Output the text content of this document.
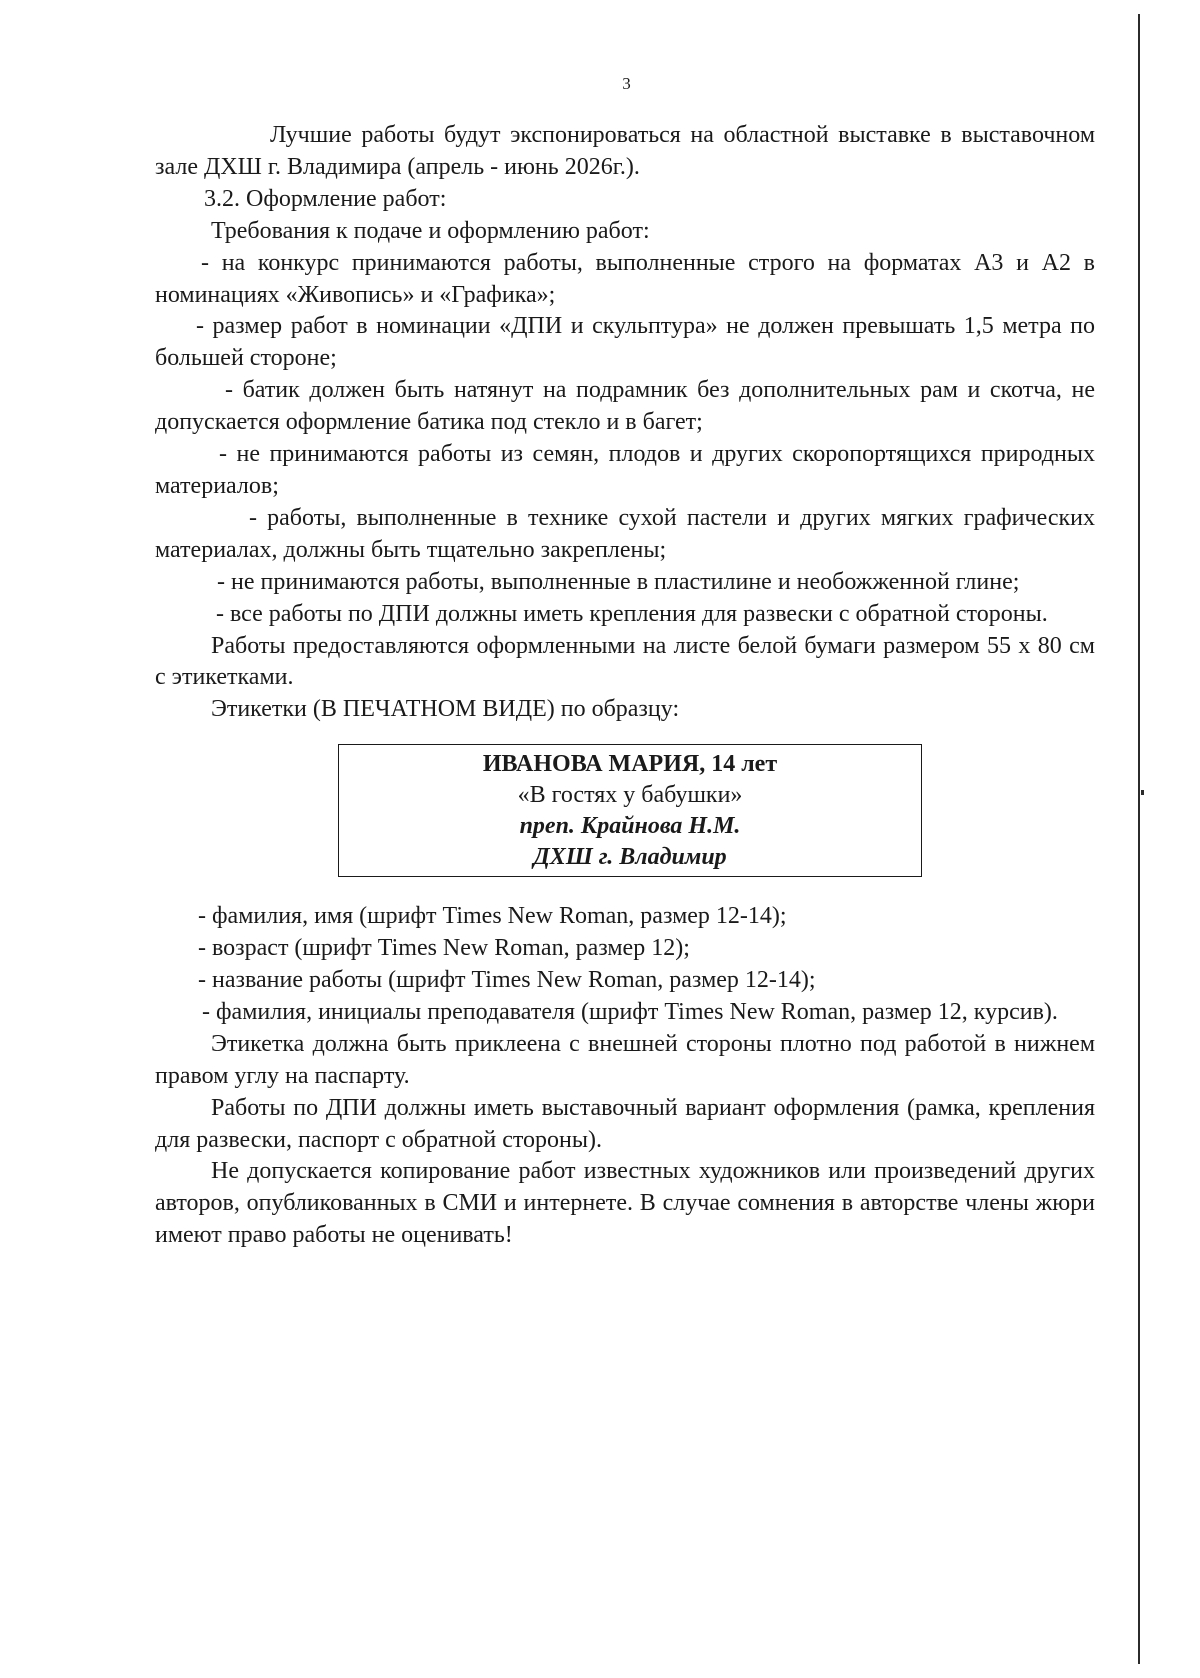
3

Лучшие работы будут экспонироваться на областной выставке в выставочном зале ДХШ г. Владимира (апрель - июнь 2026г.).

3.2. Оформление работ:

Требования к подаче и оформлению работ:

- на конкурс принимаются работы, выполненные строго на форматах А3 и А2 в номинациях «Живопись» и «Графика»;

- размер работ в номинации «ДПИ и скульптура» не должен превышать 1,5 метра по большей стороне;

- батик должен быть натянут на подрамник без дополнительных рам и скотча, не допускается оформление батика под стекло и в багет;

- не принимаются работы из семян, плодов и других скоропортящихся природных материалов;

- работы, выполненные в технике сухой пастели и других мягких графических материалах, должны быть тщательно закреплены;

- не принимаются работы, выполненные в пластилине и необожженной глине;

- все работы по ДПИ должны иметь крепления для развески с обратной стороны.

Работы предоставляются оформленными на листе белой бумаги размером 55 х 80 см с этикетками.

Этикетки (В ПЕЧАТНОМ ВИДЕ) по образцу:

ИВАНОВА МАРИЯ, 14 лет
«В гостях у бабушки»
преп. Крайнова Н.М.
ДХШ г. Владимир

- фамилия, имя (шрифт Times New Roman, размер 12-14);

- возраст (шрифт Times New Roman, размер 12);

- название работы (шрифт Times New Roman, размер 12-14);

- фамилия, инициалы преподавателя (шрифт Times New Roman, размер 12, курсив).

Этикетка должна быть приклеена с внешней стороны плотно под работой в нижнем правом углу на паспарту.

Работы по ДПИ должны иметь выставочный вариант оформления (рамка, крепления для развески, паспорт с обратной стороны).

Не допускается копирование работ известных художников или произведений других авторов, опубликованных в СМИ и интернете. В случае сомнения в авторстве члены жюри имеют право работы не оценивать!
